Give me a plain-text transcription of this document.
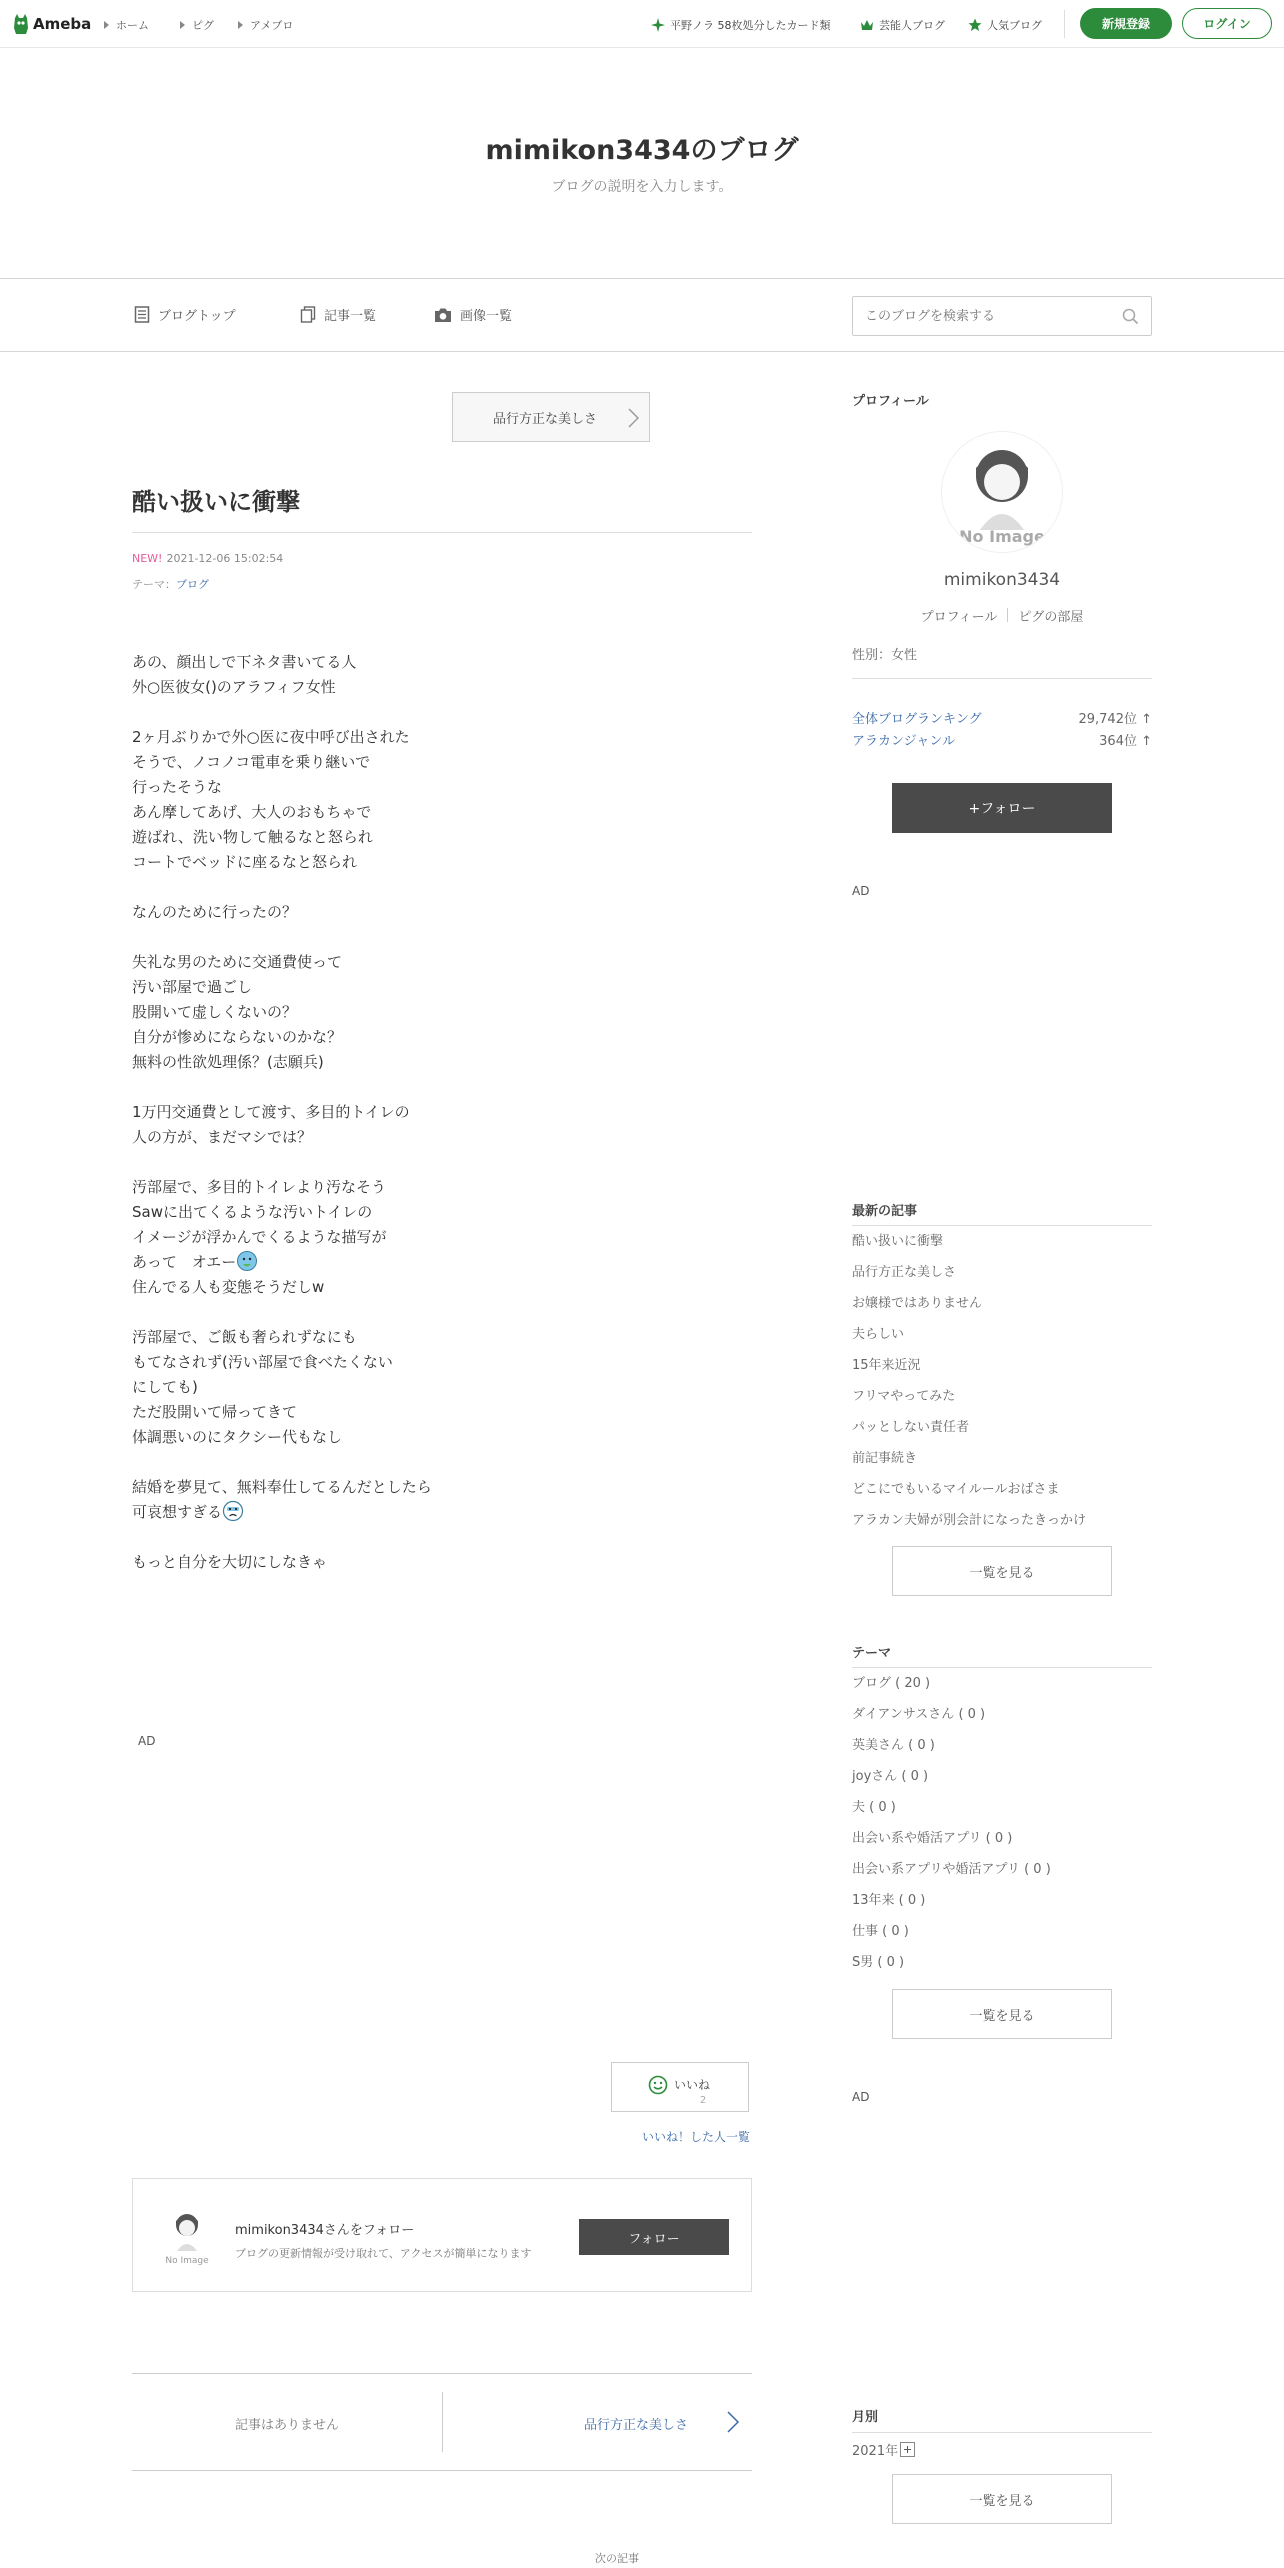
Ameba ホーム	ピグ	アメブロ	平野ノラ 58枚処分したカード類	芸能人ブログ	人気ブログ	新規登録	ログイン
mimikon3434のブログ
ブログの説明を入力します。
ブログトップ	記事一覧	画像一覧
このブログを検索する
品行方正な美しさ
酷い扱いに衝撃
NEW! 2021-12-06 15:02:54
テーマ：ブログ

あの、顔出しで下ネタ書いてる人

外○医彼女()のアラフィフ女性

2ヶ月ぶりかで外○医に夜中呼び出された

そうで、ノコノコ電車を乗り継いで

行ったそうな

あん摩してあげ、大人のおもちゃで

遊ばれ、洗い物して触るなと怒られ

コートでベッドに座るなと怒られ

なんのために行ったの？

失礼な男のために交通費使って

汚い部屋で過ごし

股開いて虚しくないの？

自分が惨めにならないのかな？

無料の性欲処理係？(志願兵)

1万円交通費として渡す、多目的トイレの

人の方が、まだマシでは？

汚部屋で、多目的トイレより汚なそう

Sawに出てくるような汚いトイレの

イメージが浮かんでくるような描写が

あって　オエー

住んでる人も変態そうだしw

汚部屋で、ご飯も奢られずなにも

もてなされず(汚い部屋で食べたくない

にしても)

ただ股開いて帰ってきて

体調悪いのにタクシー代もなし

結婚を夢見て、無料奉仕してるんだとしたら

可哀想すぎる

もっと自分を大切にしなきゃ

AD
いいね
2
いいね！した人一覧
No Image
mimikon3434さんをフォロー
ブログの更新情報が受け取れて、アクセスが簡単になります
フォロー
記事はありません	品行方正な美しさ
次の記事
プロフィール
No Image
mimikon3434
プロフィール ピグの部屋
性別：女性
全体ブログランキング	29,742位 ↑
アラカンジャンル	364位 ↑
+フォロー
AD
最新の記事
酷い扱いに衝撃
品行方正な美しさ
お嬢様ではありません
夫らしい
15年来近況
フリマやってみた
パッとしない責任者
前記事続き
どこにでもいるマイルールおばさま
アラカン夫婦が別会計になったきっかけ
一覧を見る
テーマ
ブログ ( 20 )
ダイアンサスさん ( 0 )
英美さん ( 0 )
joyさん ( 0 )
夫 ( 0 )
出会い系や婚活アプリ ( 0 )
出会い系アプリや婚活アプリ ( 0 )
13年来 ( 0 )
仕事 ( 0 )
S男 ( 0 )
一覧を見る
AD
月別
2021年
一覧を見る
